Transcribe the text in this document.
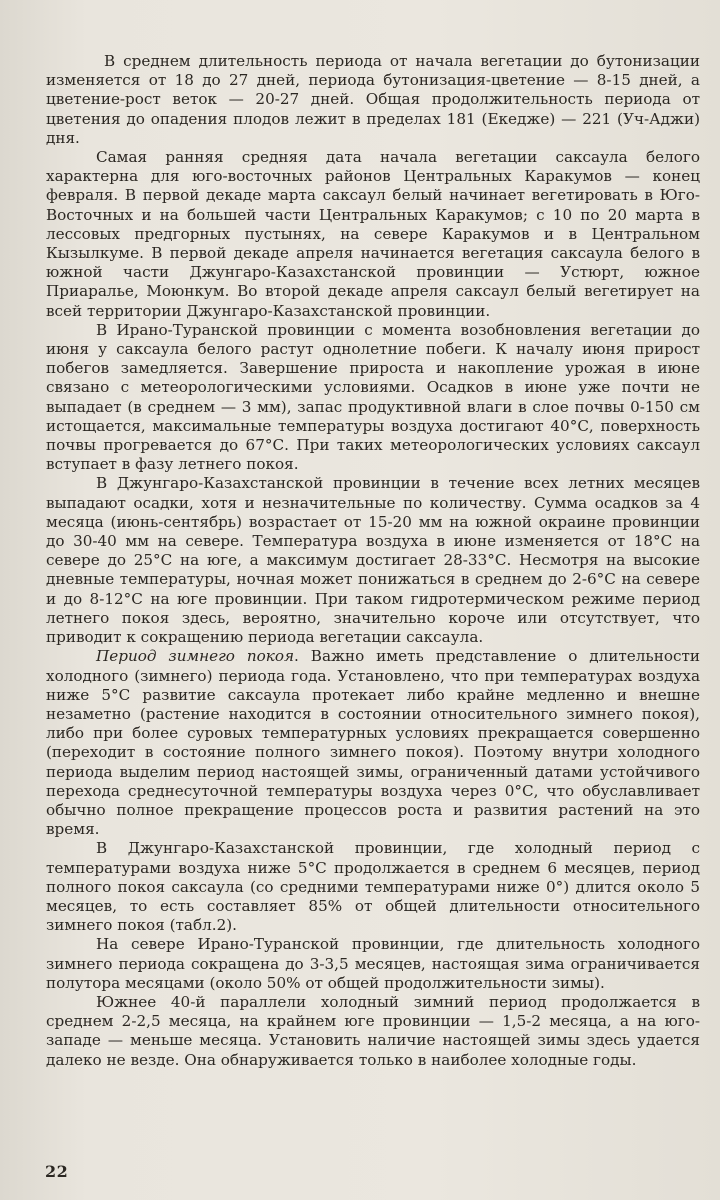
В среднем длительность периода от начала вегетации до бутонизации изменяется от 18 до 27 дней, периода бутонизация-цветение — 8-15 дней, а цветение-рост веток — 20-27 дней. Общая продолжительность периода от цветения до опадения плодов лежит в пределах 181 (Екедже) — 221 (Уч-Аджи) дня.

Самая ранняя средняя дата начала вегетации саксаула белого характерна для юго-восточных районов Центральных Каракумов — конец февраля. В первой декаде марта саксаул белый начинает вегетировать в Юго-Восточных и на большей части Центральных Каракумов; с 10 по 20 марта в лессовых предгорных пустынях, на севере Каракумов и в Центральном Кызылкуме. В первой декаде апреля начинается вегетация саксаула белого в южной части Джунгаро-Казахстанской провинции — Устюрт, южное Приаралье, Моюнкум. Во второй декаде апреля саксаул белый вегетирует на всей территории Джунгаро-Казахстанской провинции.

В Ирано-Туранской провинции с момента возобновления вегетации до июня у саксаула белого растут однолетние побеги. К началу июня прирост побегов замедляется. Завершение прироста и накопление урожая в июне связано с метеорологическими условиями. Осадков в июне уже почти не выпадает (в среднем — 3 мм), запас продуктивной влаги в слое почвы 0-150 см истощается, максимальные температуры воздуха достигают 40°С, поверхность почвы прогревается до 67°С. При таких метеорологических условиях саксаул вступает в фазу летнего покоя.

В Джунгаро-Казахстанской провинции в течение всех летних месяцев выпадают осадки, хотя и незначительные по количеству. Сумма осадков за 4 месяца (июнь-сентябрь) возрастает от 15-20 мм на южной окраине провинции до 30-40 мм на севере. Температура воздуха в июне изменяется от 18°С на севере до 25°С на юге, а максимум достигает 28-33°С. Несмотря на высокие дневные температуры, ночная может понижаться в среднем до 2-6°С на севере и до 8-12°С на юге провинции. При таком гидротермическом режиме период летнего покоя здесь, вероятно, значительно короче или отсутствует, что приводит к сокращению периода вегетации саксаула.

Период зимнего покоя. Важно иметь представление о длительности холодного (зимнего) периода года. Установлено, что при температурах воздуха ниже 5°С развитие саксаула протекает либо крайне медленно и внешне незаметно (растение находится в состоянии относительного зимнего покоя), либо при более суровых температурных условиях прекращается совершенно (переходит в состояние полного зимнего покоя). Поэтому внутри холодного периода выделим период настоящей зимы, ограниченный датами устойчивого перехода среднесуточной температуры воздуха через 0°С, что обуславливает обычно полное прекращение процессов роста и развития растений на это время.

В Джунгаро-Казахстанской провинции, где холодный период с температурами воздуха ниже 5°С продолжается в среднем 6 месяцев, период полного покоя саксаула (со средними температурами ниже 0°) длится около 5 месяцев, то есть составляет 85% от общей длительности относительного зимнего покоя (табл.2).

На севере Ирано-Туранской провинции, где длительность холодного зимнего периода сокращена до 3-3,5 месяцев, настоящая зима ограничивается полутора месяцами (около 50% от общей продолжительности зимы).

Южнее 40-й параллели холодный зимний период продолжается в среднем 2-2,5 месяца, на крайнем юге провинции — 1,5-2 месяца, а на юго-западе — меньше месяца. Установить наличие настоящей зимы здесь удается далеко не везде. Она обнаруживается только в наиболее холодные годы.

22
